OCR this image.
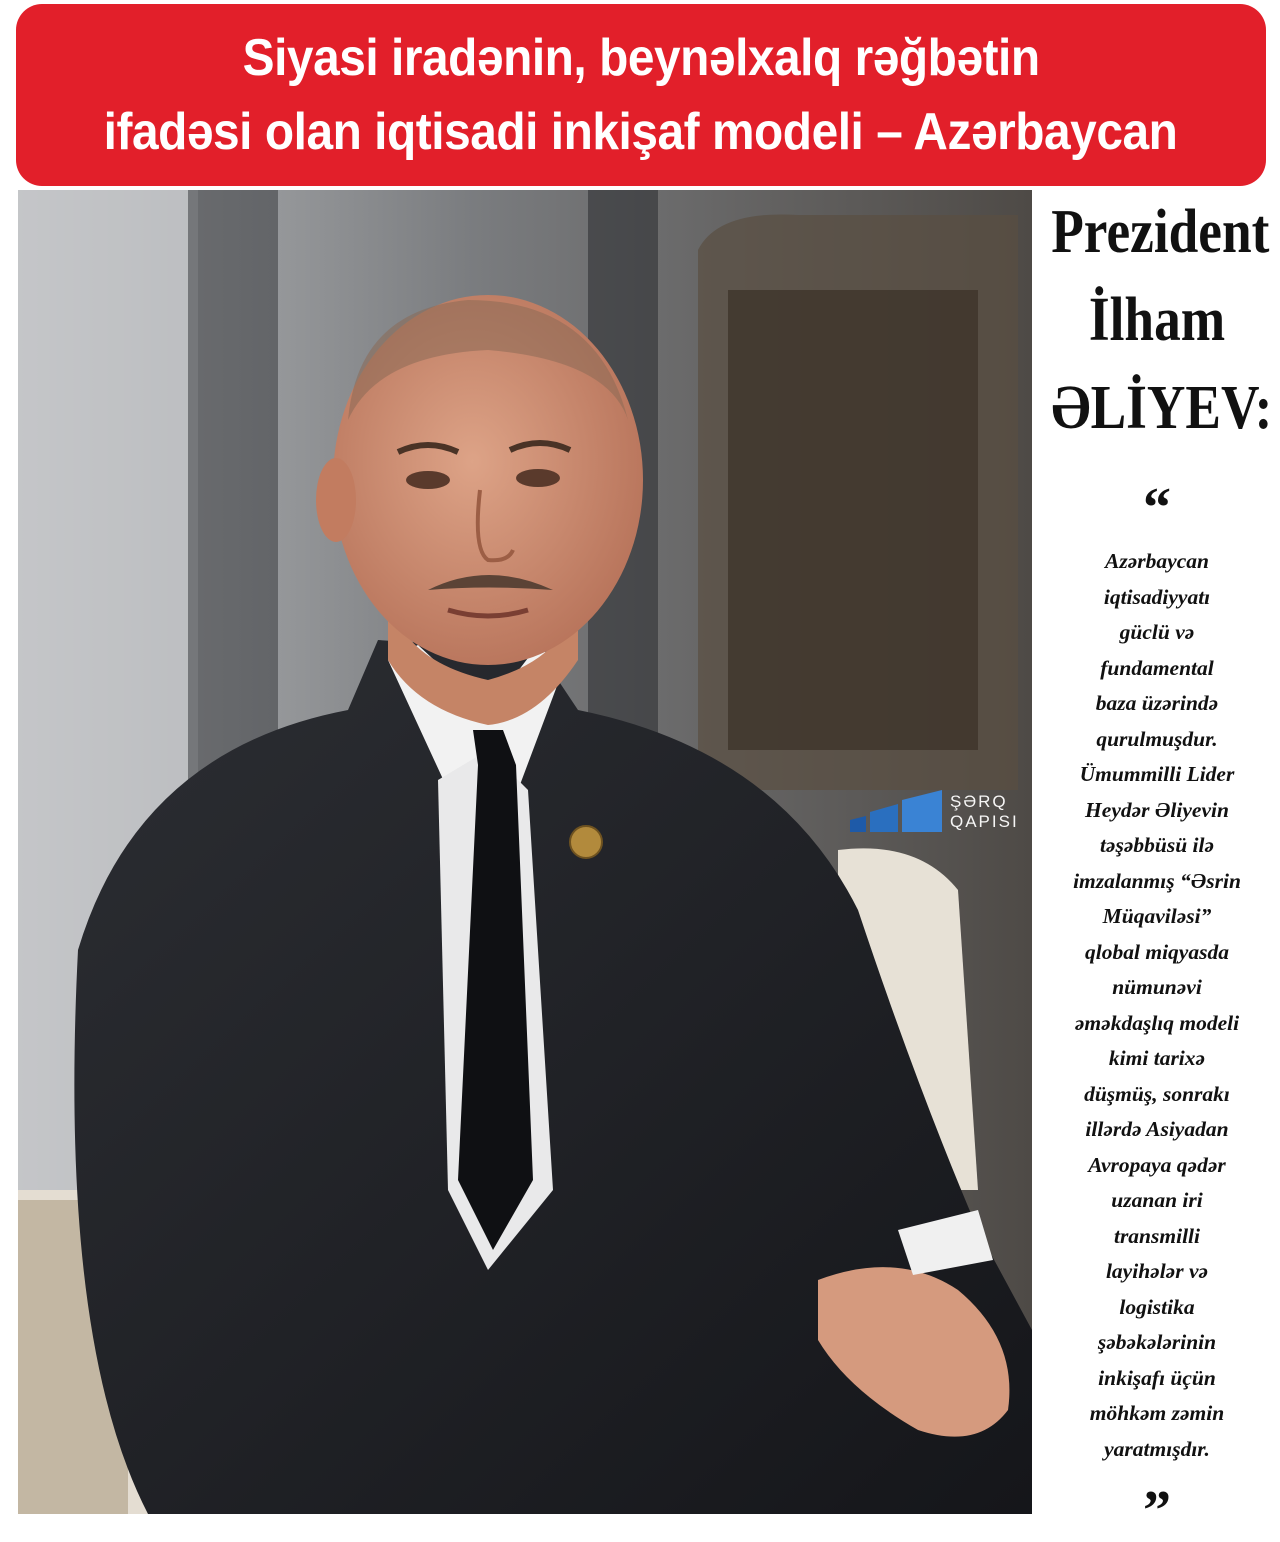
Siyasi iradənin, beynəlxalq rəğbətin
ifadəsi olan iqtisadi inkişaf modeli – Azərbaycan
ŞƏRQ
QAPISI
Prezident
İlham
ƏLİYEV:
“
Azərbaycan
iqtisadiyyatı
güclü və
fundamental
baza üzərində
qurulmuşdur.
Ümummilli Lider
Heydər Əliyevin
təşəbbüsü ilə
imzalanmış “Əsrin
Müqaviləsi”
qlobal miqyasda
nümunəvi
əməkdaşlıq modeli
kimi tarixə
düşmüş, sonrakı
illərdə Asiyadan
Avropaya qədər
uzanan iri
transmilli
layihələr və
logistika
şəbəkələrinin
inkişafı üçün
möhkəm zəmin
yaratmışdır.
”
